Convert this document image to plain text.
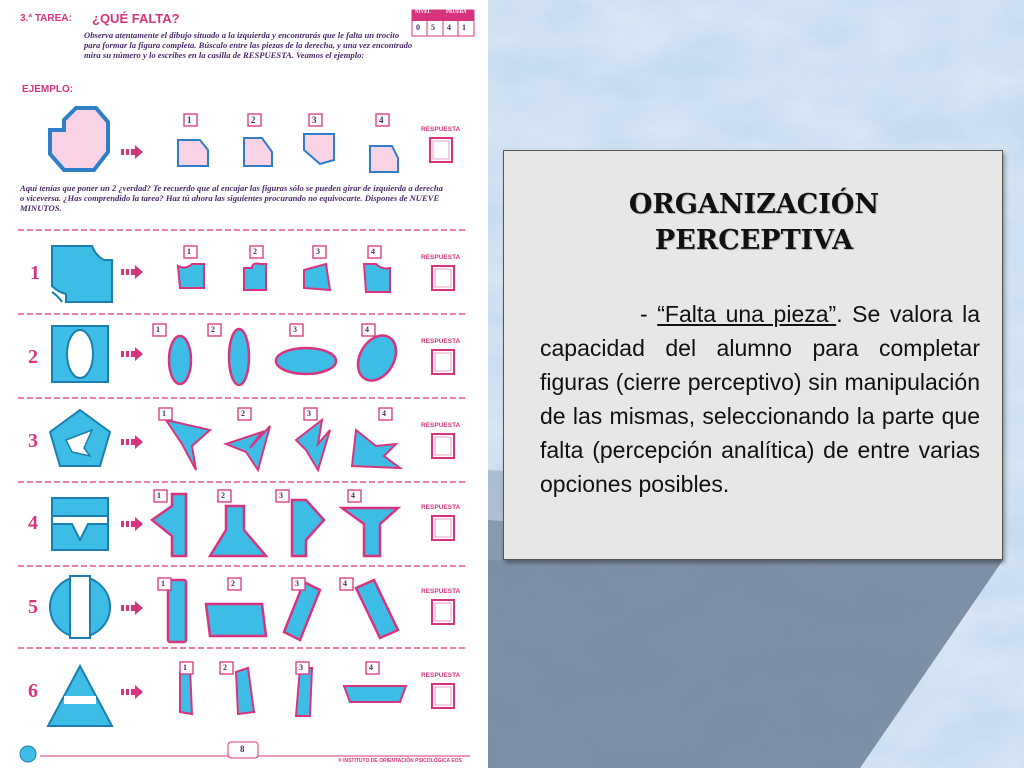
3.ª TAREA: ¿QUÉ FALTA?	NIVEL	PRUEBA
0 5 4 1
Observa atentamente el dibujo situado a la izquierda y encontrarás que le falta un trocito para formar la figura completa. Búscalo entre las piezas de la derecha, y una vez encontrado mira su número y lo escribes en la casilla de RESPUESTA. Veamos el ejemplo:
EJEMPLO:
1	2	3	4
RESPUESTA
Aquí tenías que poner un 2 ¿verdad? Te recuerdo que al encajar las figuras sólo se pueden girar de izquierda a derecha o viceversa. ¿Has comprendido la tarea? Haz tú ahora las siguientes procurando no equivocarte. Dispones de NUEVE MINUTOS.
1
2
3
4
5
6
RESPUESTA
RESPUESTA
RESPUESTA
RESPUESTA
RESPUESTA
RESPUESTA
1	2	3	4
1	2	3	4
1	2	3	4
1	2	3	4
1	2	3	4
1	2	3	4
8
® INSTITUTO DE ORIENTACIÓN PSICOLÓGICA EOS
ORGANIZACIÓN
PERCEPTIVA
- “Falta una pieza”. Se valora la capacidad del alumno para completar figuras (cierre perceptivo) sin manipulación de las mismas, seleccionando la parte que falta (percepción analítica) de entre varias opciones posibles.
